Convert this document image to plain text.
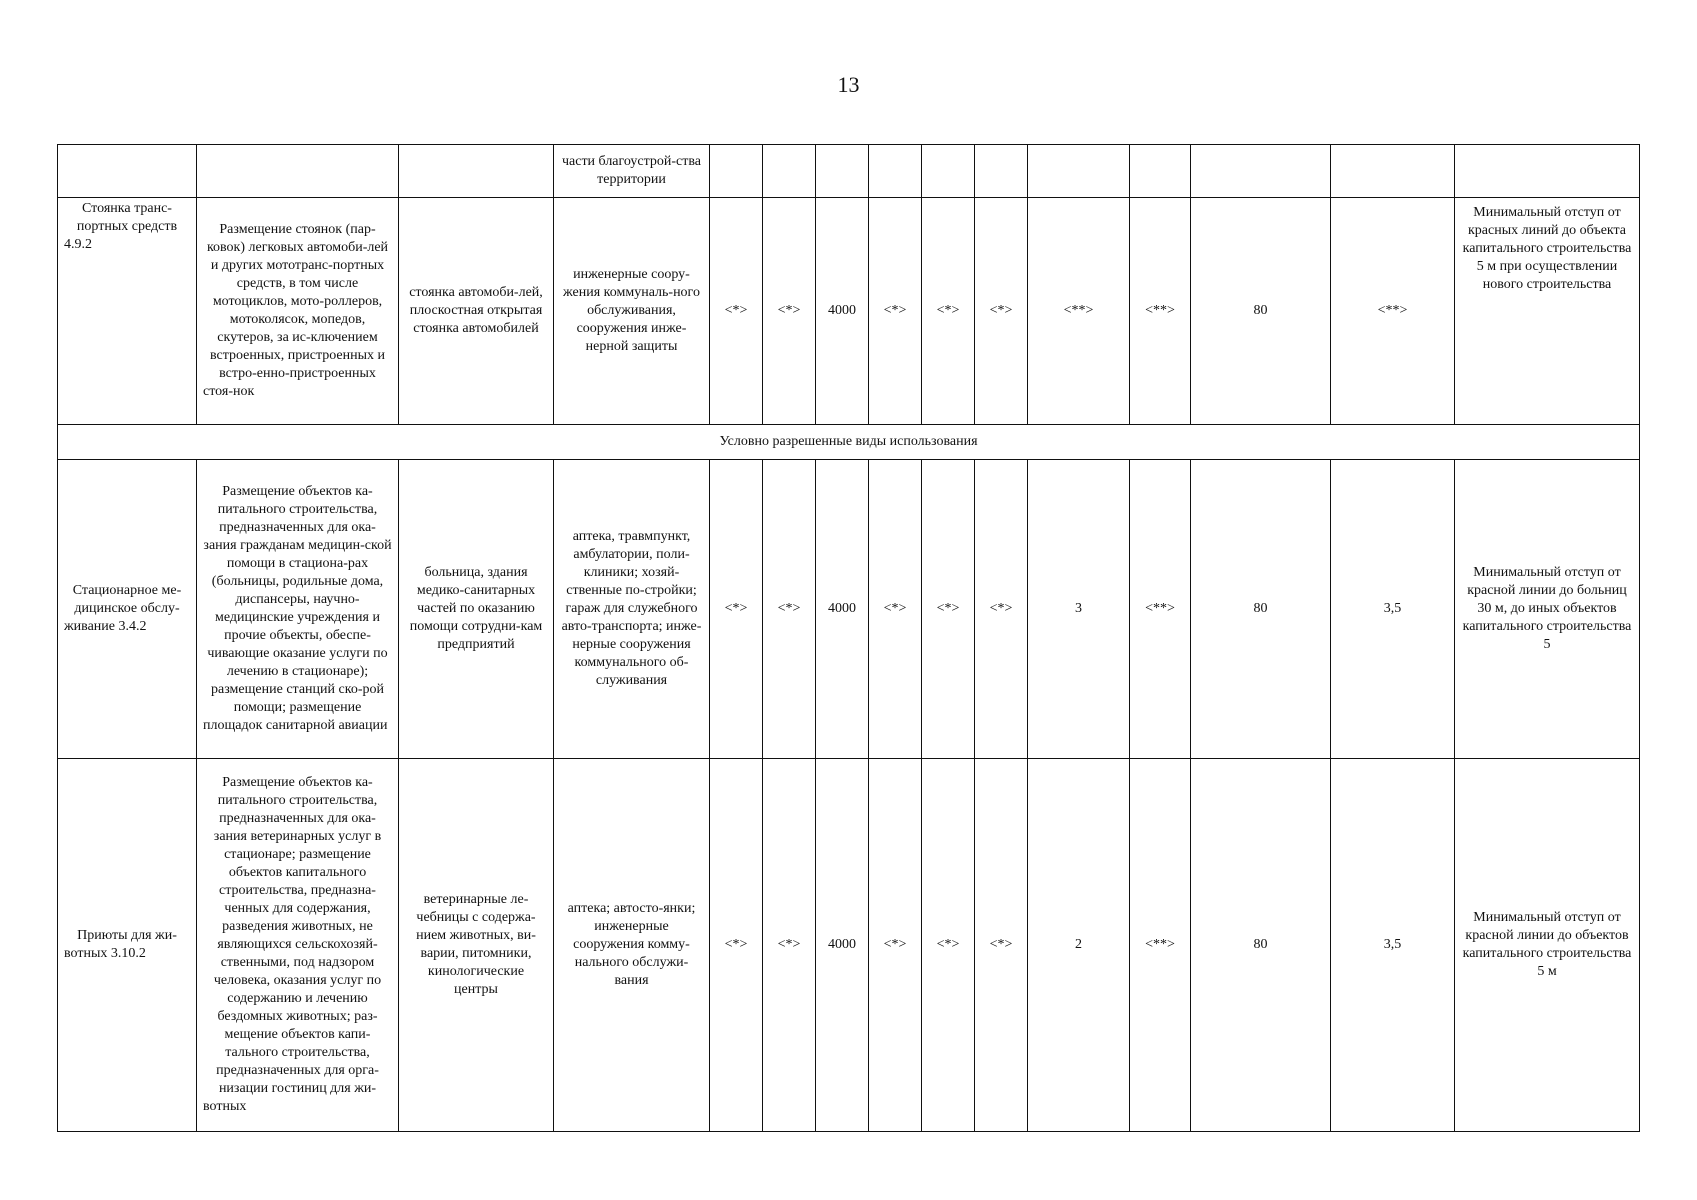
13
			части благоустрой-ства территории											
Стоянка транс-портных средств 4.9.2	Размещение стоянок (пар-ковок) легковых автомоби-лей и других мототранс-портных средств, в том числе мотоциклов, мото-роллеров, мотоколясок, мопедов, скутеров, за ис-ключением встроенных, пристроенных и встро-енно-пристроенных стоя-нок	стоянка автомоби-лей, плоскостная открытая стоянка автомобилей	инженерные соору-жения коммуналь-ного обслуживания, сооружения инже-нерной защиты	<*>	<*>	4000	<*>	<*>	<*>	<**>	<**>	80	<**>	Минимальный отступ от красных линий до объекта капитального строительства 5 м при осуществлении нового строительства
Условно разрешенные виды использования														
Стационарное ме-дицинское обслу-живание 3.4.2	Размещение объектов ка-питального строительства, предназначенных для ока-зания гражданам медицин-ской помощи в стациона-рах (больницы, родильные дома, диспансеры, научно-медицинские учреждения и прочие объекты, обеспе-чивающие оказание услуги по лечению в стационаре); размещение станций ско-рой помощи; размещение площадок санитарной авиации	больница, здания медико-санитарных частей по оказанию помощи сотрудни-кам предприятий	аптека, травмпункт, амбулатории, поли-клиники; хозяй-ственные по-стройки; гараж для служебного авто-транспорта; инже-нерные сооружения коммунального об-служивания	<*>	<*>	4000	<*>	<*>	<*>	3	<**>	80	3,5	Минимальный отступ от красной линии до больниц 30 м, до иных объектов капитального строительства 5
Приюты для жи-вотных 3.10.2	Размещение объектов ка-питального строительства, предназначенных для ока-зания ветеринарных услуг в стационаре; размещение объектов капитального строительства, предназна-ченных для содержания, разведения животных, не являющихся сельскохозяй-ственными, под надзором человека, оказания услуг по содержанию и лечению бездомных животных; раз-мещение объектов капи-тального строительства, предназначенных для орга-низации гостиниц для жи-вотных	ветеринарные ле-чебницы с содержа-нием животных, ви-варии, питомники, кинологические центры	аптека; автосто-янки; инженерные сооружения комму-нального обслужи-вания	<*>	<*>	4000	<*>	<*>	<*>	2	<**>	80	3,5	Минимальный отступ от красной линии до объектов капитального строительства 5 м
